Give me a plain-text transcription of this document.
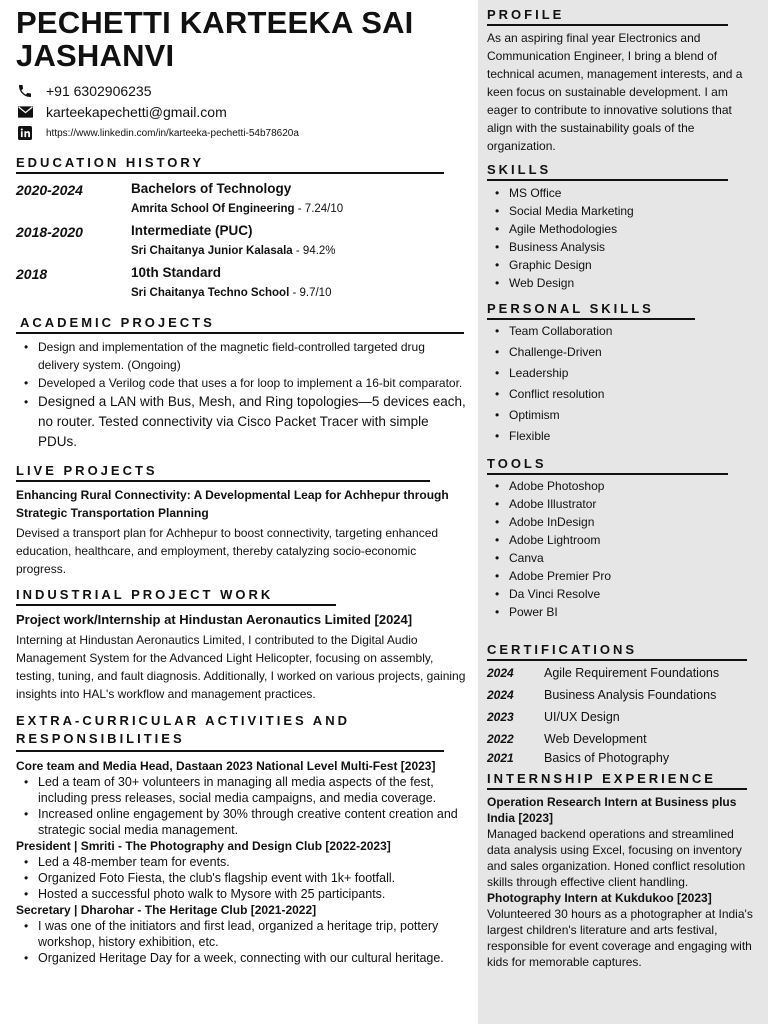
PECHETTI KARTEEKA SAI
JASHANVI
+91 6302906235
karteekapechetti@gmail.com
https://www.linkedin.com/in/karteeka-pechetti-54b78620a
EDUCATION HISTORY
2020-2024	Bachelors of Technology
Amrita School Of Engineering - 7.24/10
2018-2020	Intermediate (PUC)
Sri Chaitanya Junior Kalasala - 94.2%
2018	10th Standard
Sri Chaitanya Techno School - 9.7/10
ACADEMIC PROJECTS
• Design and implementation of the magnetic field-controlled targeted drug delivery system. (Ongoing)
• Developed a Verilog code that uses a for loop to implement a 16-bit comparator.
• Designed a LAN with Bus, Mesh, and Ring topologies—5 devices each, no router. Tested connectivity via Cisco Packet Tracer with simple PDUs.
LIVE PROJECTS
Enhancing Rural Connectivity: A Developmental Leap for Achhepur through Strategic Transportation Planning
Devised a transport plan for Achhepur to boost connectivity, targeting enhanced education, healthcare, and employment, thereby catalyzing socio-economic progress.
INDUSTRIAL PROJECT WORK
Project work/Internship at Hindustan Aeronautics Limited [2024]
Interning at Hindustan Aeronautics Limited, I contributed to the Digital Audio Management System for the Advanced Light Helicopter, focusing on assembly, testing, tuning, and fault diagnosis. Additionally, I worked on various projects, gaining insights into HAL's workflow and management practices.
EXTRA-CURRICULAR ACTIVITIES AND
RESPONSIBILITIES
Core team and Media Head, Dastaan 2023 National Level Multi-Fest [2023]
• Led a team of 30+ volunteers in managing all media aspects of the fest, including press releases, social media campaigns, and media coverage.
• Increased online engagement by 30% through creative content creation and strategic social media management.
President | Smriti - The Photography and Design Club [2022-2023]
• Led a 48-member team for events.
• Organized Foto Fiesta, the club's flagship event with 1k+ footfall.
• Hosted a successful photo walk to Mysore with 25 participants.
Secretary | Dharohar - The Heritage Club [2021-2022]
• I was one of the initiators and first lead, organized a heritage trip, pottery workshop, history exhibition, etc.
• Organized Heritage Day for a week, connecting with our cultural heritage.
PROFILE
As an aspiring final year Electronics and Communication Engineer, I bring a blend of technical acumen, management interests, and a keen focus on sustainable development. I am eager to contribute to innovative solutions that align with the sustainability goals of the organization.
SKILLS
• MS Office
• Social Media Marketing
• Agile Methodologies
• Business Analysis
• Graphic Design
• Web Design
PERSONAL SKILLS
• Team Collaboration
• Challenge-Driven
• Leadership
• Conflict resolution
• Optimism
• Flexible
TOOLS
• Adobe Photoshop
• Adobe Illustrator
• Adobe InDesign
• Adobe Lightroom
• Canva
• Adobe Premier Pro
• Da Vinci Resolve
• Power BI
CERTIFICATIONS
2024	Agile Requirement Foundations
2024	Business Analysis Foundations
2023	UI/UX Design
2022	Web Development
2021	Basics of Photography
INTERNSHIP EXPERIENCE
Operation Research Intern at Business plus India [2023]
Managed backend operations and streamlined data analysis using Excel, focusing on inventory and sales organization. Honed conflict resolution skills through effective client handling.
Photography Intern at Kukdukoo [2023]
Volunteered 30 hours as a photographer at India's largest children's literature and arts festival, responsible for event coverage and engaging with kids for memorable captures.
